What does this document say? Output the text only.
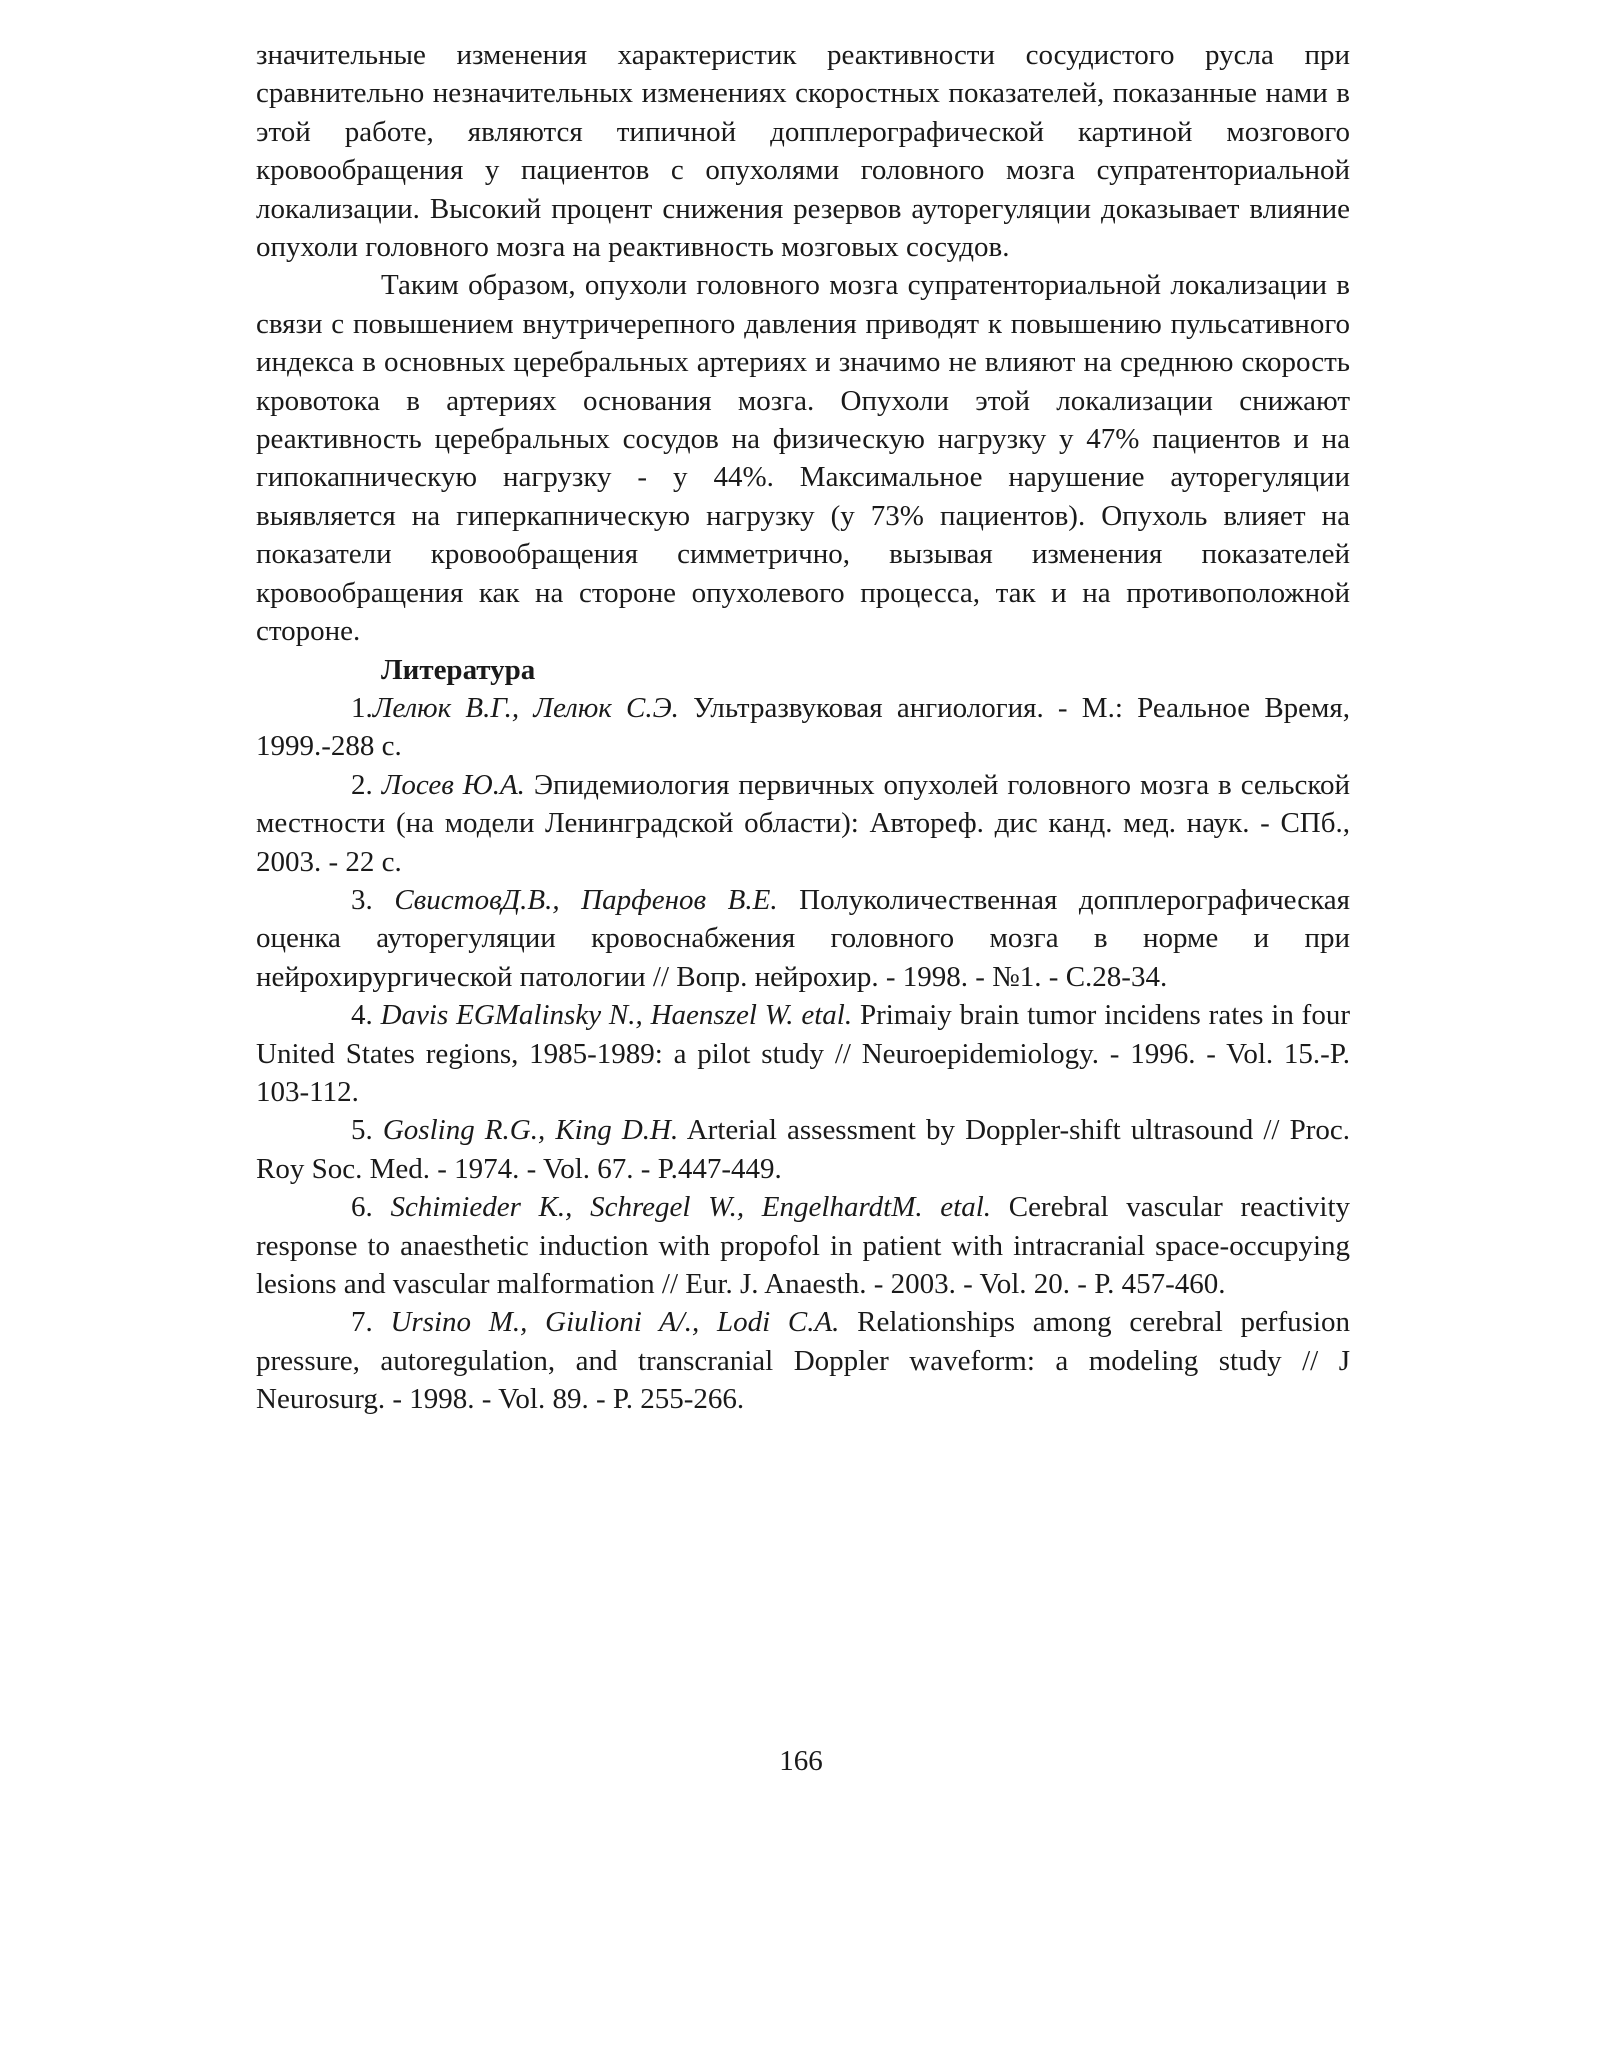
значительные изменения характеристик реактивности сосудистого русла при сравнительно незначительных изменениях скоростных показателей, показанные нами в этой работе, являются типичной допплерографической картиной мозгового кровообращения у пациентов с опухолями головного мозга супратенториальной локализации. Высокий процент снижения резервов ауторегуляции доказывает влияние опухоли головного мозга на реактивность мозговых сосудов.

Таким образом, опухоли головного мозга супратенториальной локализации в связи с повышением внутричерепного давления приводят к повышению пульсативного индекса в основных церебральных артериях и значимо не влияют на среднюю скорость кровотока в артериях основания мозга. Опухоли этой локализации снижают реактивность церебральных сосудов на физическую нагрузку у 47% пациентов и на гипокапническую нагрузку - у 44%. Максимальное нарушение ауторегуляции выявляется на гиперкапническую нагрузку (у 73% пациентов). Опухоль влияет на показатели кровообращения симметрично, вызывая изменения показателей кровообращения как на стороне опухолевого процесса, так и на противоположной стороне.

Литература

1.Лелюк В.Г., Лелюк С.Э. Ультразвуковая ангиология. - М.: Реальное Время, 1999.-288 с.

2. Лосев Ю.А. Эпидемиология первичных опухолей головного мозга в сельской местности (на модели Ленинградской области): Автореф. дис канд. мед. наук. - СПб., 2003. - 22 с.

3. СвистовД.В., Парфенов В.Е. Полуколичественная допплерографическая оценка ауторегуляции кровоснабжения головного мозга в норме и при нейрохирургической патологии // Вопр. нейрохир. - 1998. - №1. - С.28-34.

4. Davis EGMalinsky N., Haenszel W. etal. Primaiy brain tumor incidens rates in four United States regions, 1985-1989: a pilot study // Neuroepidemiology. - 1996. - Vol. 15.-P. 103-112.

5. Gosling R.G., King D.H. Arterial assessment by Doppler-shift ultrasound // Proc. Roy Soc. Med. - 1974. - Vol. 67. - P.447-449.

6. Schimieder K., Schregel W., EngelhardtM. etal. Cerebral vascular reactivity response to anaesthetic induction with propofol in patient with intracranial space-occupying lesions and vascular malformation // Eur. J. Anaesth. - 2003. - Vol. 20. - P. 457-460.

7. Ursino M., Giulioni A/., Lodi C.A. Relationships among cerebral perfusion pressure, autoregulation, and transcranial Doppler waveform: a modeling study // J Neurosurg. - 1998. - Vol. 89. - P. 255-266.

166
